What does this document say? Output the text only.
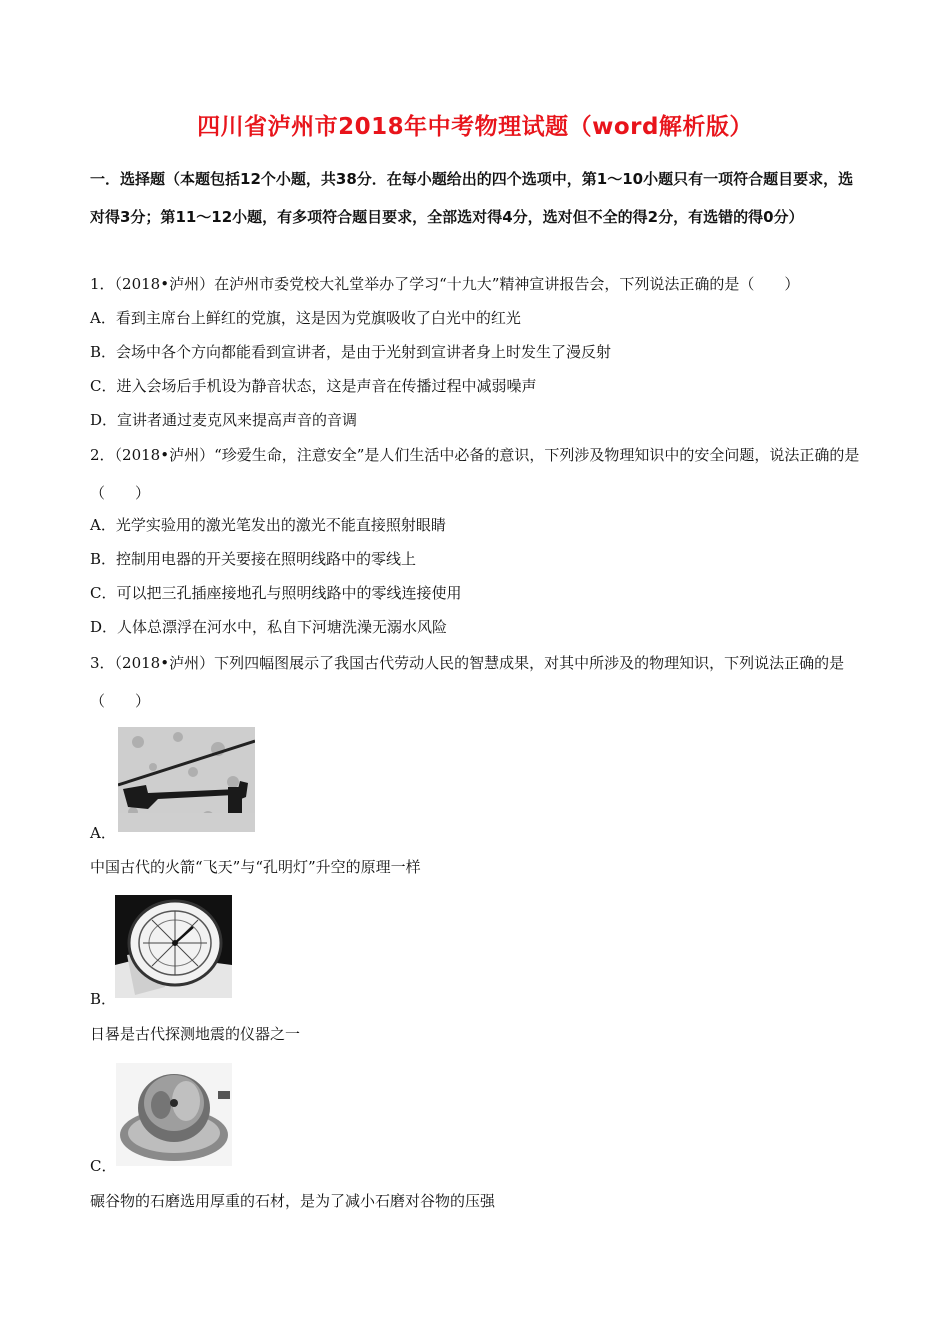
四川省泸州市2018年中考物理试题（word解析版）
一．选择题（本题包括12个小题，共38分．在每小题给出的四个选项中，第1～10小题只有一项符合题目要求，选对得3分；第11～12小题，有多项符合题目要求，全部选对得4分，选对但不全的得2分，有选错的得0分）
1．（2018•泸州）在泸州市委党校大礼堂举办了学习“十九大”精神宣讲报告会，下列说法正确的是（　　）
A．看到主席台上鲜红的党旗，这是因为党旗吸收了白光中的红光
B．会场中各个方向都能看到宣讲者，是由于光射到宣讲者身上时发生了漫反射
C．进入会场后手机设为静音状态，这是声音在传播过程中减弱噪声
D．宣讲者通过麦克风来提高声音的音调
2．（2018•泸州）“珍爱生命，注意安全”是人们生活中必备的意识，下列涉及物理知识中的安全问题，说法正确的是（　　）
A．光学实验用的激光笔发出的激光不能直接照射眼睛
B．控制用电器的开关要接在照明线路中的零线上
C．可以把三孔插座接地孔与照明线路中的零线连接使用
D．人体总漂浮在河水中，私自下河塘洗澡无溺水风险
3．（2018•泸州）下列四幅图展示了我国古代劳动人民的智慧成果，对其中所涉及的物理知识，下列说法正确的是（　　）
A．
中国古代的火箭“飞天”与“孔明灯”升空的原理一样
B．
日晷是古代探测地震的仪器之一
C．
碾谷物的石磨选用厚重的石材，是为了减小石磨对谷物的压强
